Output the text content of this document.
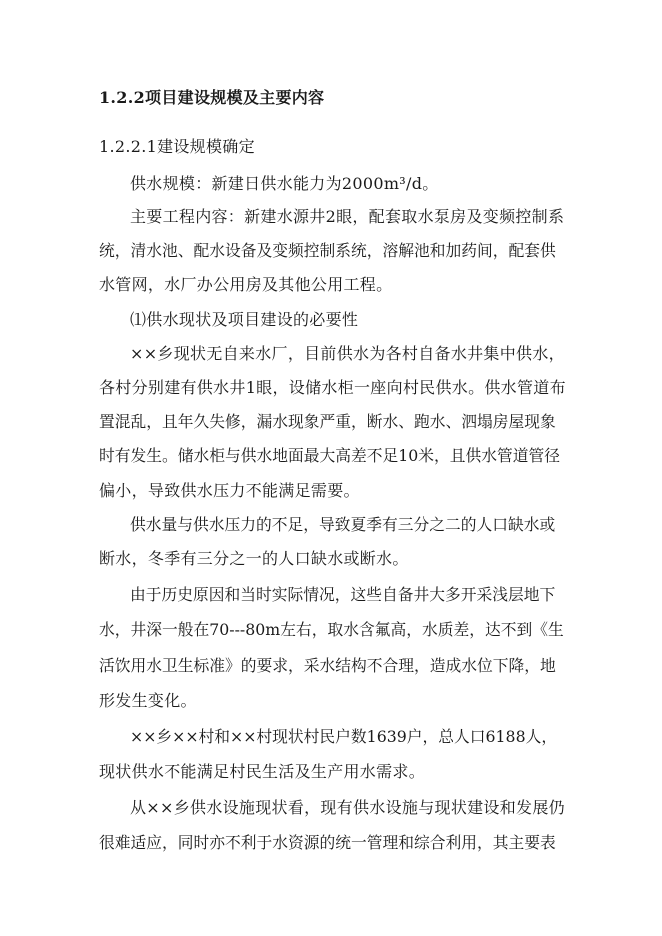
1.2.2项目建设规模及主要内容
1.2.2.1建设规模确定
供水规模：新建日供水能力为2000m³/d。
主要工程内容：新建水源井2眼，配套取水泵房及变频控制系
统，清水池、配水设备及变频控制系统，溶解池和加药间，配套供
水管网，水厂办公用房及其他公用工程。
⑴供水现状及项目建设的必要性
××乡现状无自来水厂，目前供水为各村自备水井集中供水，
各村分别建有供水井1眼，设储水柜一座向村民供水。供水管道布
置混乱，且年久失修，漏水现象严重，断水、跑水、泗塌房屋现象
时有发生。储水柜与供水地面最大高差不足10米，且供水管道管径
偏小，导致供水压力不能满足需要。
供水量与供水压力的不足，导致夏季有三分之二的人口缺水或
断水，冬季有三分之一的人口缺水或断水。
由于历史原因和当时实际情况，这些自备井大多开采浅层地下
水，井深一般在70---80m左右，取水含氟高，水质差，达不到《生
活饮用水卫生标准》的要求，采水结构不合理，造成水位下降，地
形发生变化。
××乡××村和××村现状村民户数1639户，总人口6188人，
现状供水不能满足村民生活及生产用水需求。
从××乡供水设施现状看，现有供水设施与现状建设和发展仍
很难适应，同时亦不利于水资源的统一管理和综合利用，其主要表
